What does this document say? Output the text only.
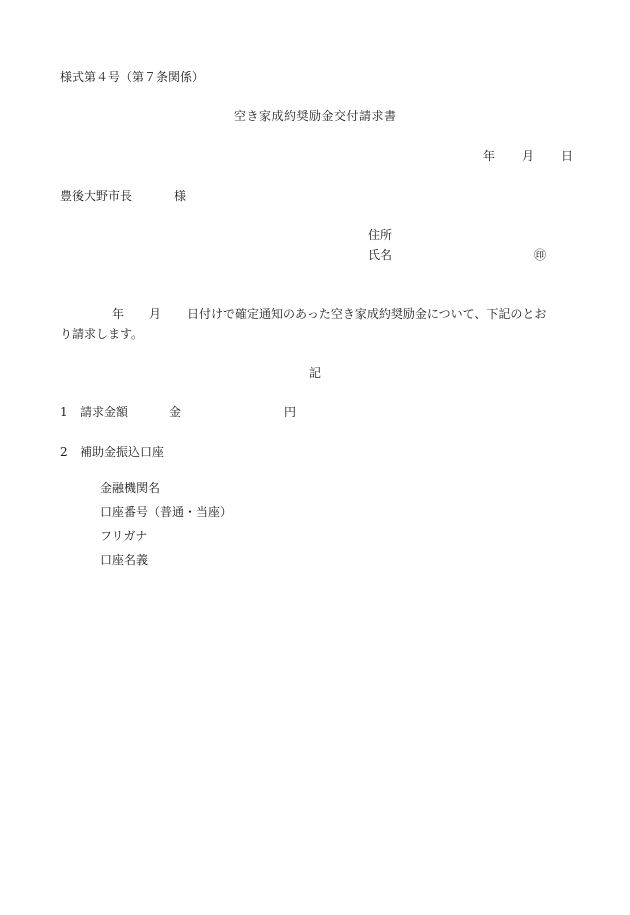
様式第４号（第７条関係）
空き家成約奨励金交付請求書
年 月 日
豊後大野市長	様
住所
氏名	㊞
年 月 日付けで確定通知のあった空き家成約奨励金について、下記のとお
り請求します。
記
1 請求金額	金	円
2 補助金振込口座
金融機関名
口座番号（普通・当座）
フリガナ
口座名義
